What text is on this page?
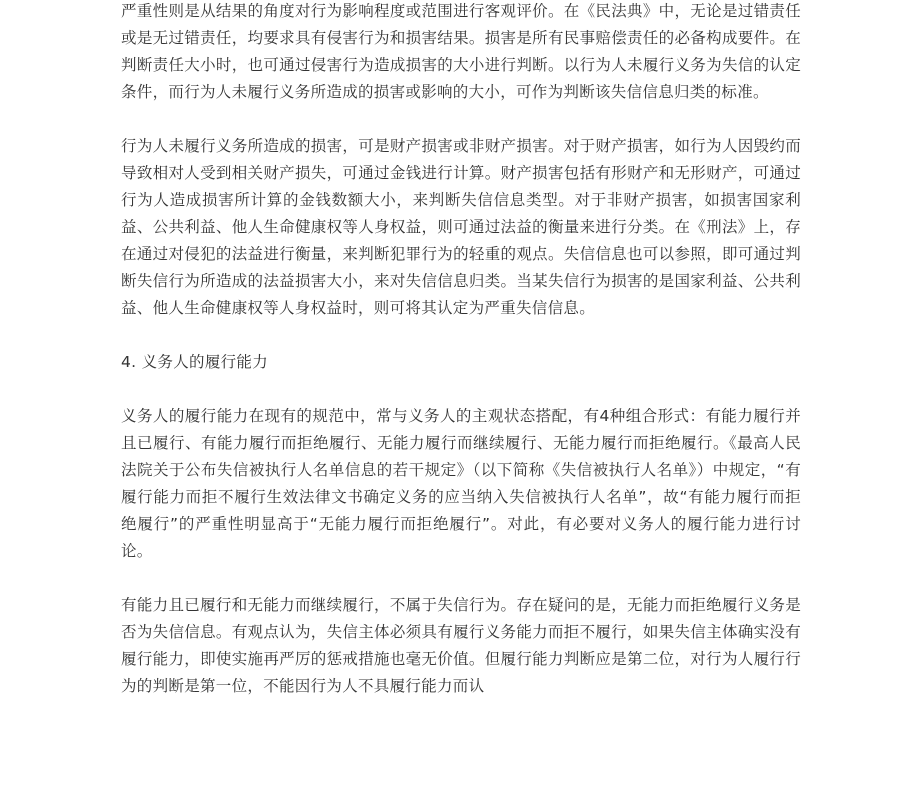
严重性则是从结果的角度对行为影响程度或范围进行客观评价。在《民法典》中，无论是过错责任或是无过错责任，均要求具有侵害行为和损害结果。损害是所有民事赔偿责任的必备构成要件。在判断责任大小时，也可通过侵害行为造成损害的大小进行判断。以行为人未履行义务为失信的认定条件，而行为人未履行义务所造成的损害或影响的大小，可作为判断该失信信息归类的标准。

行为人未履行义务所造成的损害，可是财产损害或非财产损害。对于财产损害，如行为人因毁约而导致相对人受到相关财产损失，可通过金钱进行计算。财产损害包括有形财产和无形财产，可通过行为人造成损害所计算的金钱数额大小，来判断失信信息类型。对于非财产损害，如损害国家利益、公共利益、他人生命健康权等人身权益，则可通过法益的衡量来进行分类。在《刑法》上，存在通过对侵犯的法益进行衡量，来判断犯罪行为的轻重的观点。失信信息也可以参照，即可通过判断失信行为所造成的法益损害大小，来对失信信息归类。当某失信行为损害的是国家利益、公共利益、他人生命健康权等人身权益时，则可将其认定为严重失信信息。

4. 义务人的履行能力

义务人的履行能力在现有的规范中，常与义务人的主观状态搭配，有4种组合形式：有能力履行并且已履行、有能力履行而拒绝履行、无能力履行而继续履行、无能力履行而拒绝履行。《最高人民法院关于公布失信被执行人名单信息的若干规定》（以下简称《失信被执行人名单》）中规定，“有履行能力而拒不履行生效法律文书确定义务的应当纳入失信被执行人名单”，故“有能力履行而拒绝履行”的严重性明显高于“无能力履行而拒绝履行”。对此，有必要对义务人的履行能力进行讨论。

有能力且已履行和无能力而继续履行，不属于失信行为。存在疑问的是，无能力而拒绝履行义务是否为失信信息。有观点认为，失信主体必须具有履行义务能力而拒不履行，如果失信主体确实没有履行能力，即使实施再严厉的惩戒措施也毫无价值。但履行能力判断应是第二位，对行为人履行行为的判断是第一位，不能因行为人不具履行能力而认
